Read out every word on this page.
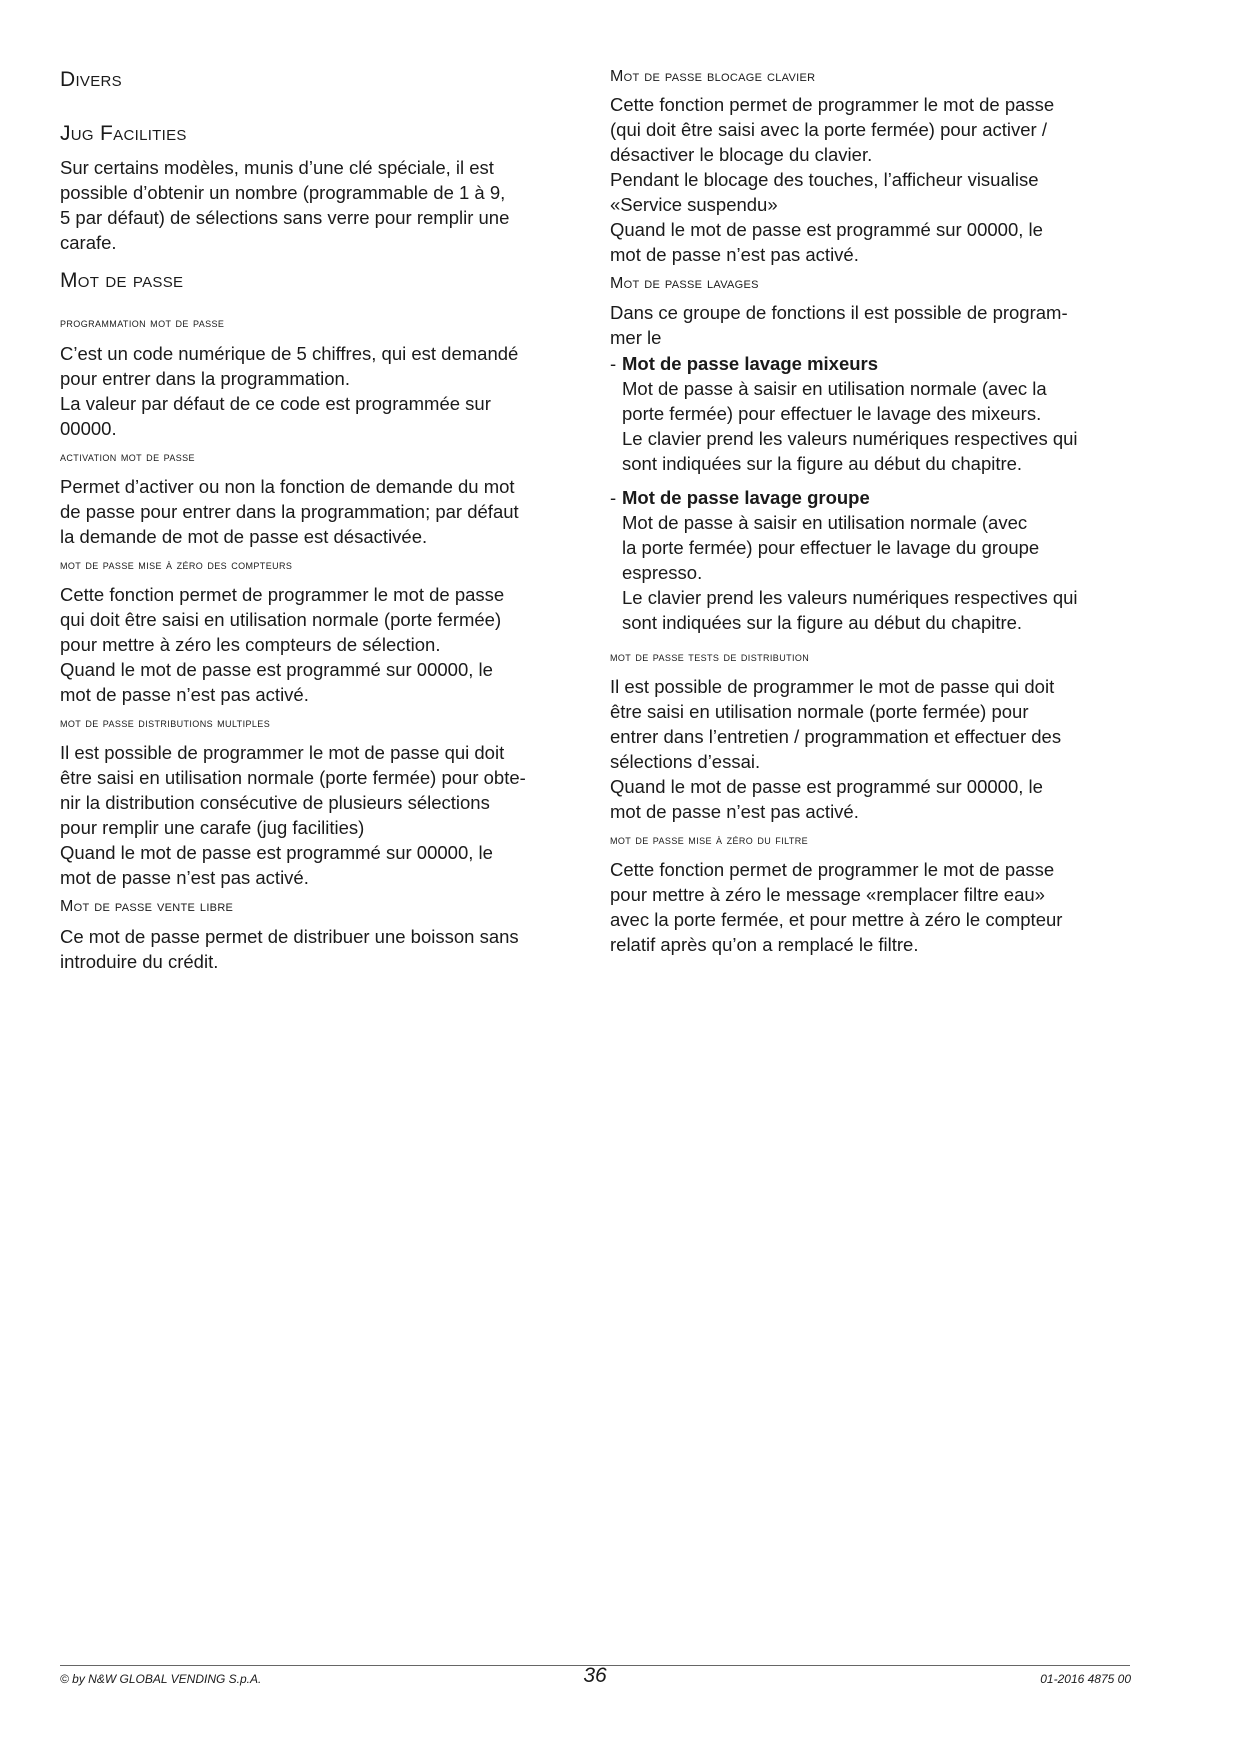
Divers
Jug Facilities
Sur certains modèles, munis d’une clé spéciale, il est
possible d’obtenir un nombre (programmable de 1 à 9,
5 par défaut) de sélections sans verre pour remplir une
carafe.
Mot de passe
programmation mot de passe
C’est un code numérique de 5 chiffres, qui est demandé
pour entrer dans la programmation.
La valeur par défaut de ce code est programmée sur
00000.
activation mot de passe
Permet d’activer ou non la fonction de demande du mot
de passe pour entrer dans la programmation; par défaut
la demande de mot de passe est désactivée.
mot de passe mise à zéro des compteurs
Cette fonction permet de programmer le mot de passe
qui doit être saisi en utilisation normale (porte fermée)
pour mettre à zéro les compteurs de sélection.
Quand le mot de passe est programmé sur 00000, le
mot de passe n’est pas activé.
mot de passe distributions multiples
Il est possible de programmer le mot de passe qui doit
être saisi en utilisation normale (porte fermée) pour obte-
nir la distribution consécutive de plusieurs sélections
pour remplir une carafe (jug facilities)
Quand le mot de passe est programmé sur 00000, le
mot de passe n’est pas activé.
Mot de passe vente libre
Ce mot de passe permet de distribuer une boisson sans
introduire du crédit.
Mot de passe blocage clavier
Cette fonction permet de programmer le mot de passe
(qui doit être saisi avec la porte fermée) pour activer /
désactiver le blocage du clavier.
Pendant le blocage des touches, l’afficheur visualise
«Service suspendu»
Quand le mot de passe est programmé sur 00000, le
mot de passe n’est pas activé.
Mot de passe lavages
Dans ce groupe de fonctions il est possible de program-
mer le
- Mot de passe lavage mixeurs
Mot de passe à saisir en utilisation normale (avec la
porte fermée) pour effectuer le lavage des mixeurs.
Le clavier prend les valeurs numériques respectives qui
sont indiquées sur la figure au début du chapitre.
- Mot de passe lavage groupe
Mot de passe à saisir en utilisation normale (avec
la porte fermée) pour effectuer le lavage du groupe
espresso.
Le clavier prend les valeurs numériques respectives qui
sont indiquées sur la figure au début du chapitre.
mot de passe tests de distribution
Il est possible de programmer le mot de passe qui doit
être saisi en utilisation normale (porte fermée) pour
entrer dans l’entretien / programmation et effectuer des
sélections d’essai.
Quand le mot de passe est programmé sur 00000, le
mot de passe n’est pas activé.
mot de passe mise à zéro du filtre
Cette fonction permet de programmer le mot de passe
pour mettre à zéro le message «remplacer filtre eau»
avec la porte fermée, et pour mettre à zéro le compteur
relatif après qu’on a remplacé le filtre.
© by N&W GLOBAL VENDING S.p.A.	36	01-2016 4875 00
